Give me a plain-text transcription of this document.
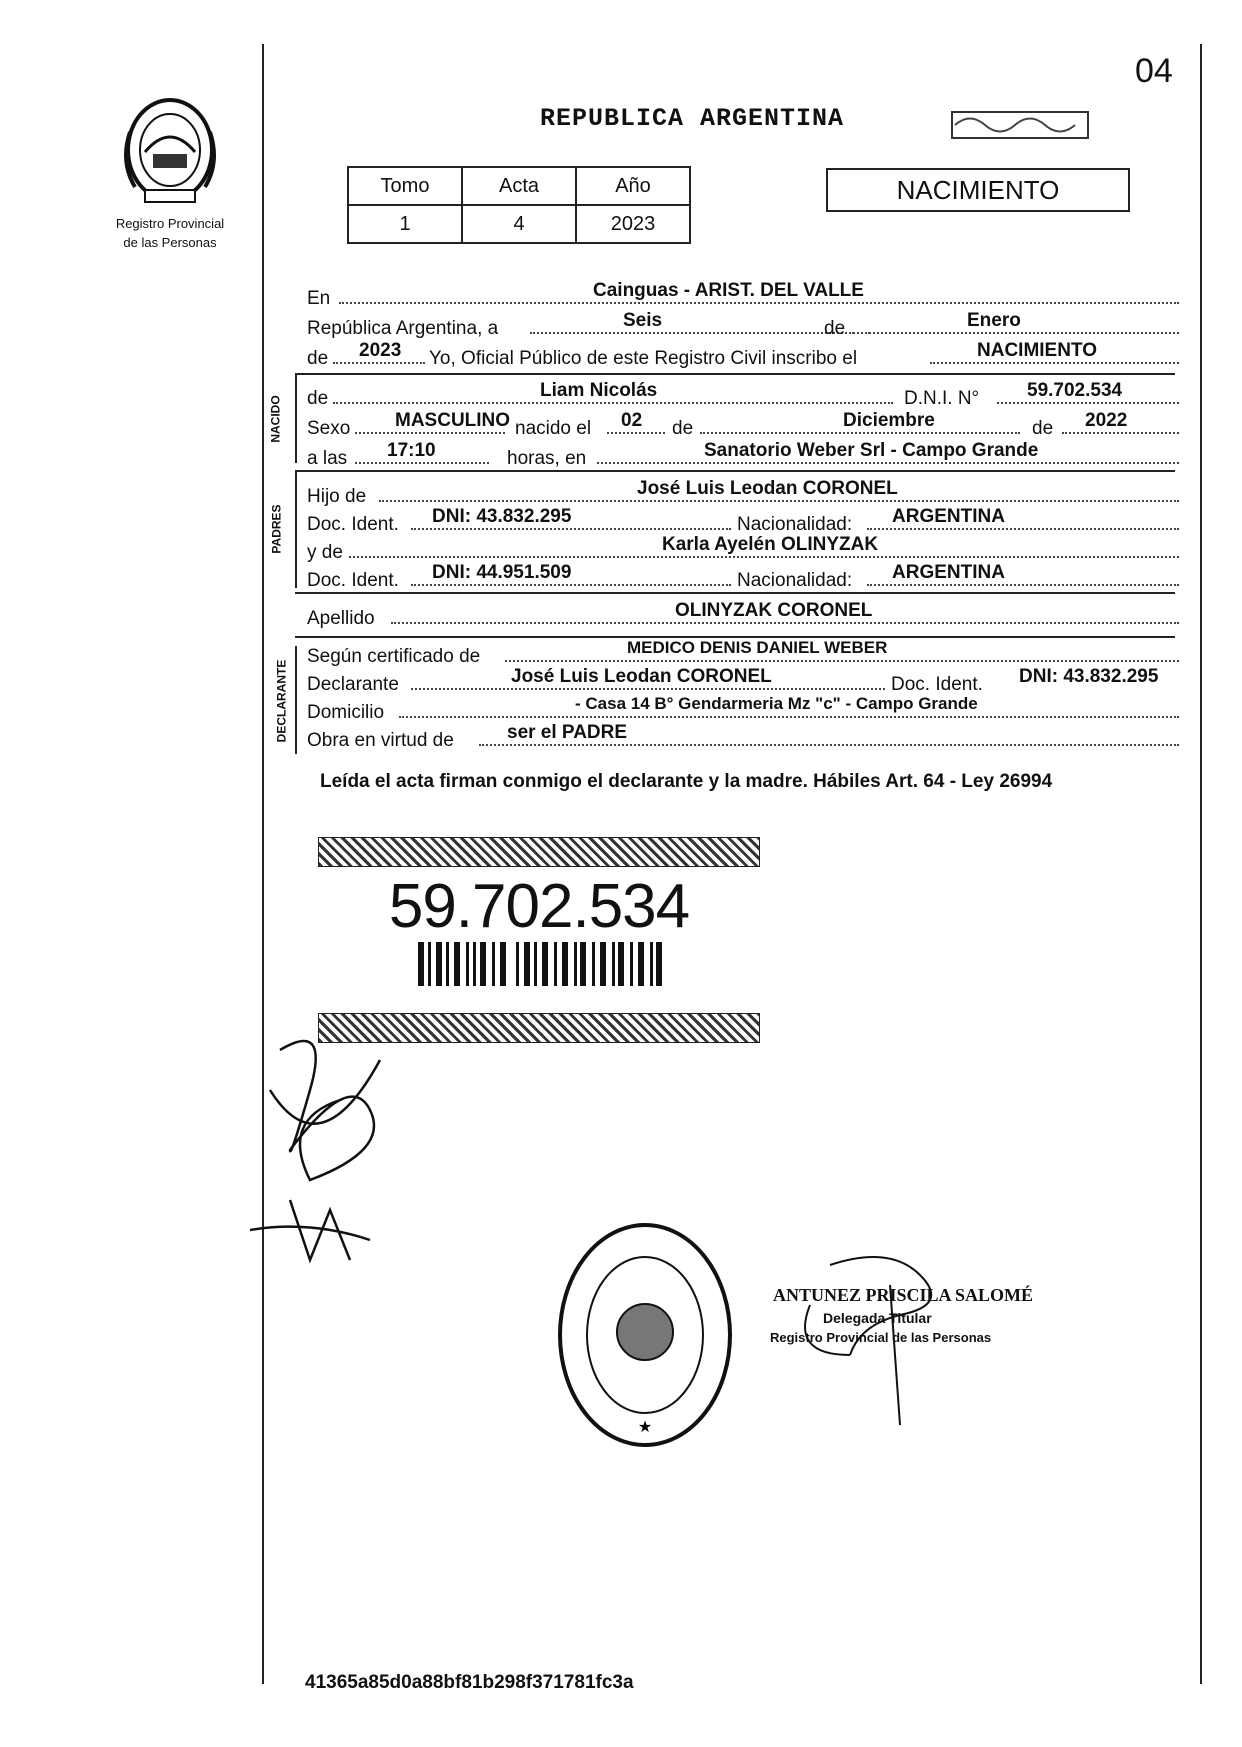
04
Registro Provincial
de las Personas
REPUBLICA ARGENTINA
Tomo	Acta	Año
1	4	2023
NACIMIENTO
En	Cainguas - ARIST. DEL VALLE
República Argentina, a	Seis	de	Enero
de 2023 Yo, Oficial Público de este Registro Civil inscribo el	NACIMIENTO
NACIDO de	Liam Nicolás	D.N.I. N°	59.702.534
Sexo MASCULINO nacido el 02 de	Diciembre	de 2022
a las 17:10	horas, en	Sanatorio Weber Srl - Campo Grande
PADRES
Hijo de	José Luis Leodan CORONEL
Doc. Ident. DNI: 43.832.295	Nacionalidad: ARGENTINA
y de	Karla Ayelén OLINYZAK
Doc. Ident. DNI: 44.951.509	Nacionalidad: ARGENTINA
Apellido	OLINYZAK CORONEL
DECLARANTE
Según certificado de	MEDICO DENIS DANIEL WEBER
Declarante	José Luis Leodan CORONEL	Doc. Ident. DNI: 43.832.295
Domicilio	- Casa 14 B° Gendarmeria Mz "c" - Campo Grande
Obra en virtud de	ser el PADRE
Leída el acta firman conmigo el declarante y la madre. Hábiles Art. 64 - Ley 26994
59.702.534
★
ANTUNEZ PRISCILA SALOMÉ
Delegada Titular
Registro Provincial de las Personas
41365a85d0a88bf81b298f371781fc3a
